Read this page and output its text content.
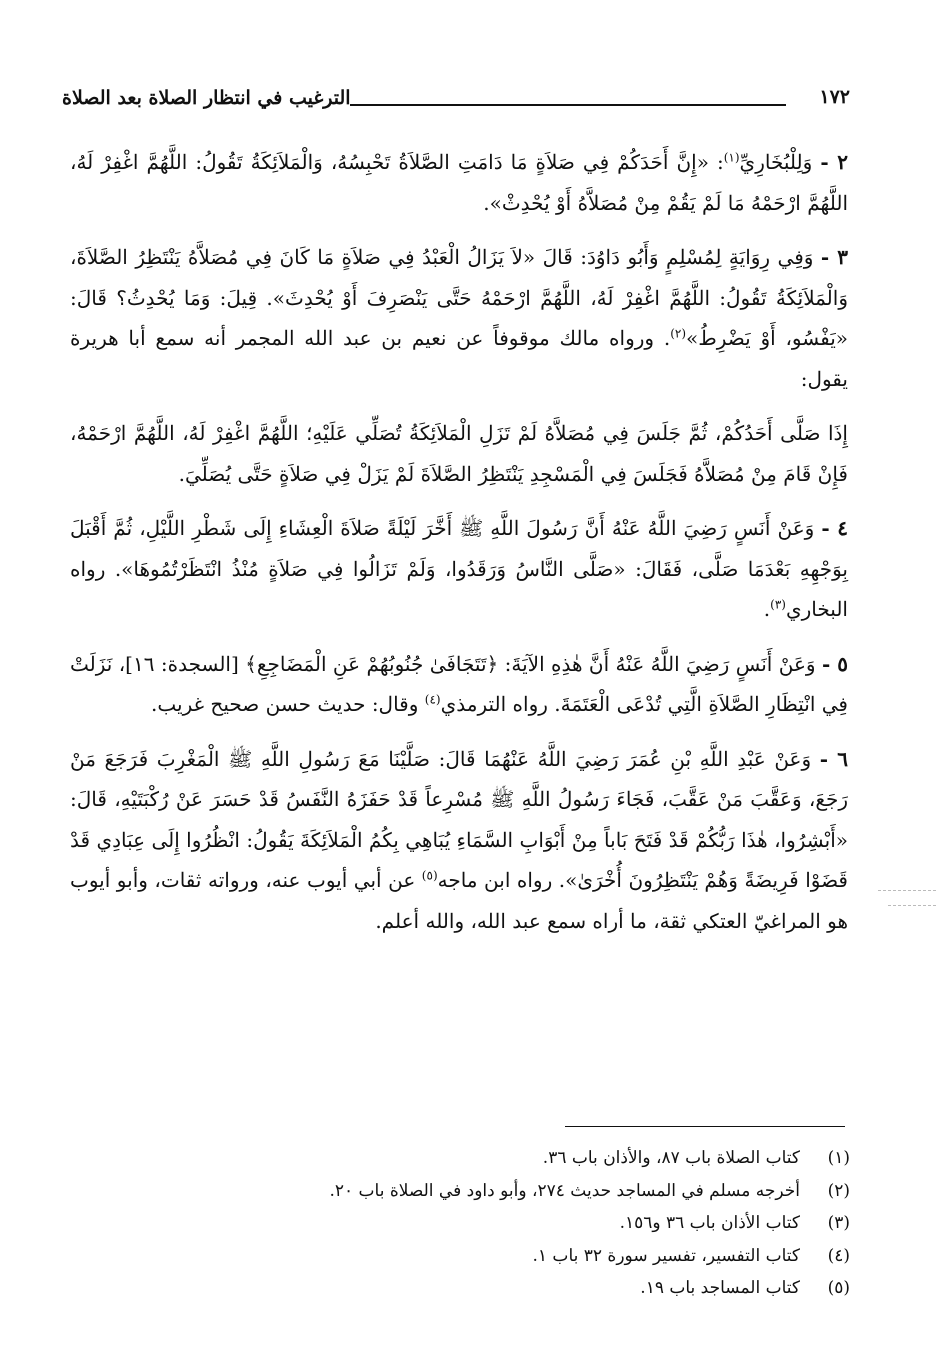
١٧٢
الترغيب في انتظار الصلاة بعد الصلاة

٢ - وَلِلْبُخَارِيِّ$^{(١)}$: «إِنَّ أَحَدَكُمْ فِي صَلاَةٍ مَا دَامَتِ الصَّلاَةُ تَحْبِسُهُ، وَالْمَلاَئِكَةُ تَقُولُ: اللَّهُمَّ اغْفِرْ لَهُ، اللَّهُمَّ ارْحَمْهُ مَا لَمْ يَقُمْ مِنْ مُصَلاَّهُ أَوْ يُحْدِثْ».

٣ - وَفِي رِوَايَةٍ لِمُسْلِمٍ وَأَبُو دَاوُدَ: قَالَ «لاَ يَزَالُ الْعَبْدُ فِي صَلاَةٍ مَا كَانَ فِي مُصَلاَّهُ يَنْتَظِرُ الصَّلاَةَ، وَالْمَلاَئِكَةُ تَقُولُ: اللَّهُمَّ اغْفِرْ لَهُ، اللَّهُمَّ ارْحَمْهُ حَتَّى يَنْصَرِفَ أَوْ يُحْدِثَ». قِيلَ: وَمَا يُحْدِثُ؟ قَالَ: «يَفْسُو، أَوْ يَضْرِطُ»$^{(٢)}$. ورواه مالك موقوفاً عن نعيم بن عبد الله المجمر أنه سمع أبا هريرة يقول:

إِذَا صَلَّى أَحَدُكُمْ، ثُمَّ جَلَسَ فِي مُصَلاَّهُ لَمْ تَزَلِ الْمَلاَئِكَةُ تُصَلِّي عَلَيْهِ؛ اللَّهُمَّ اغْفِرْ لَهُ، اللَّهُمَّ ارْحَمْهُ، فَإِنْ قَامَ مِنْ مُصَلاَّهُ فَجَلَسَ فِي الْمَسْجِدِ يَنْتَظِرُ الصَّلاَةَ لَمْ يَزَلْ فِي صَلاَةٍ حَتَّى يُصَلِّيَ.

٤ - وَعَنْ أَنَسٍ رَضِيَ اللَّهُ عَنْهُ أَنَّ رَسُولَ اللَّهِ ﷺ أَخَّرَ لَيْلَةً صَلاَةَ الْعِشَاءِ إِلَى شَطْرِ اللَّيْلِ، ثُمَّ أَقْبَلَ بِوَجْهِهِ بَعْدَمَا صَلَّى، فَقَالَ: «صَلَّى النَّاسُ وَرَقَدُوا، وَلَمْ تَزَالُوا فِي صَلاَةٍ مُنْذُ انْتَظَرْتُمُوهَا». رواه البخاري$^{(٣)}$.

٥ - وَعَنْ أَنَسٍ رَضِيَ اللَّهُ عَنْهُ أَنَّ هٰذِهِ الآيَةَ: ﴿تَتَجَافَىٰ جُنُوبُهُمْ عَنِ الْمَضَاجِعِ﴾ [السجدة: ١٦]، نَزَلَتْ فِي انْتِظَارِ الصَّلاَةِ الَّتِي تُدْعَى الْعَتَمَةَ. رواه الترمذي$^{(٤)}$ وقال: حديث حسن صحيح غريب.

٦ - وَعَنْ عَبْدِ اللَّهِ بْنِ عُمَرَ رَضِيَ اللَّهُ عَنْهُمَا قَالَ: صَلَّيْنَا مَعَ رَسُولِ اللَّهِ ﷺ الْمَغْرِبَ فَرَجَعَ مَنْ رَجَعَ، وَعَقَّبَ مَنْ عَقَّبَ، فَجَاءَ رَسُولُ اللَّهِ ﷺ مُسْرِعاً قَدْ حَفَزَهُ النَّفَسُ قَدْ حَسَرَ عَنْ رُكْبَتَيْهِ، قَالَ: «أَبْشِرُوا، هٰذَا رَبُّكُمْ قَدْ فَتَحَ بَاباً مِنْ أَبْوَابِ السَّمَاءِ يُبَاهِي بِكُمُ الْمَلاَئِكَةَ يَقُولُ: انْظُرُوا إِلَى عِبَادِي قَدْ قَضَوْا فَرِيضَةً وَهُمْ يَنْتَظِرُونَ أُخْرَىٰ». رواه ابن ماجه$^{(٥)}$ عن أبي أيوب عنه، ورواته ثقات، وأبو أيوب هو المراغيّ العتكي ثقة، ما أراه سمع عبد الله، والله أعلم.

(١)كتاب الصلاة باب ٨٧، والأذان باب ٣٦.
(٢)أخرجه مسلم في المساجد حديث ٢٧٤، وأبو داود في الصلاة باب ٢٠.
(٣)كتاب الأذان باب ٣٦ و١٥٦.
(٤)كتاب التفسير، تفسير سورة ٣٢ باب ١.
(٥)كتاب المساجد باب ١٩.
